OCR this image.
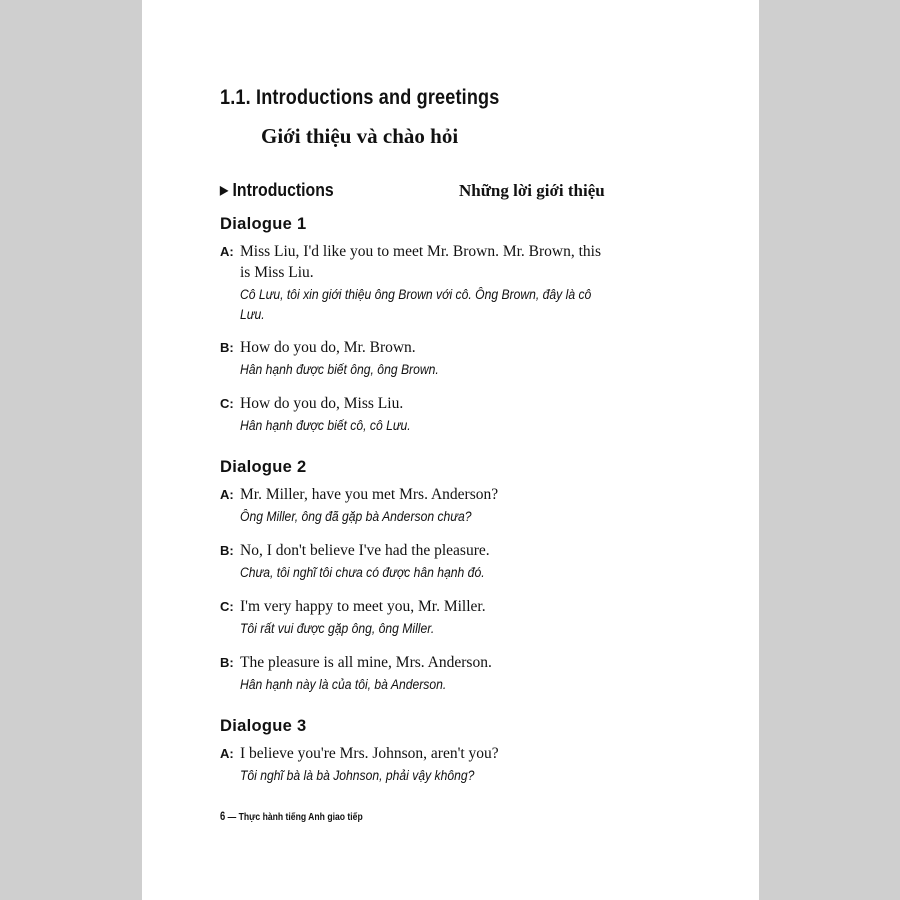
1.1. Introductions and greetings
Giới thiệu và chào hỏi
▶ Introductions	Những lời giới thiệu
Dialogue 1
A: Miss Liu, I'd like you to meet Mr. Brown. Mr. Brown, this
is Miss Liu.
Cô Lưu, tôi xin giới thiệu ông Brown với cô. Ông Brown, đây là cô
Lưu.
B: How do you do, Mr. Brown.
Hân hạnh được biết ông, ông Brown.
C: How do you do, Miss Liu.
Hân hạnh được biết cô, cô Lưu.
Dialogue 2
A: Mr. Miller, have you met Mrs. Anderson?
Ông Miller, ông đã gặp bà Anderson chưa?
B: No, I don't believe I've had the pleasure.
Chưa, tôi nghĩ tôi chưa có được hân hạnh đó.
C: I'm very happy to meet you, Mr. Miller.
Tôi rất vui được gặp ông, ông Miller.
B: The pleasure is all mine, Mrs. Anderson.
Hân hạnh này là của tôi, bà Anderson.
Dialogue 3
A: I believe you're Mrs. Johnson, aren't you?
Tôi nghĩ bà là bà Johnson, phải vậy không?
6 — Thực hành tiếng Anh giao tiếp
